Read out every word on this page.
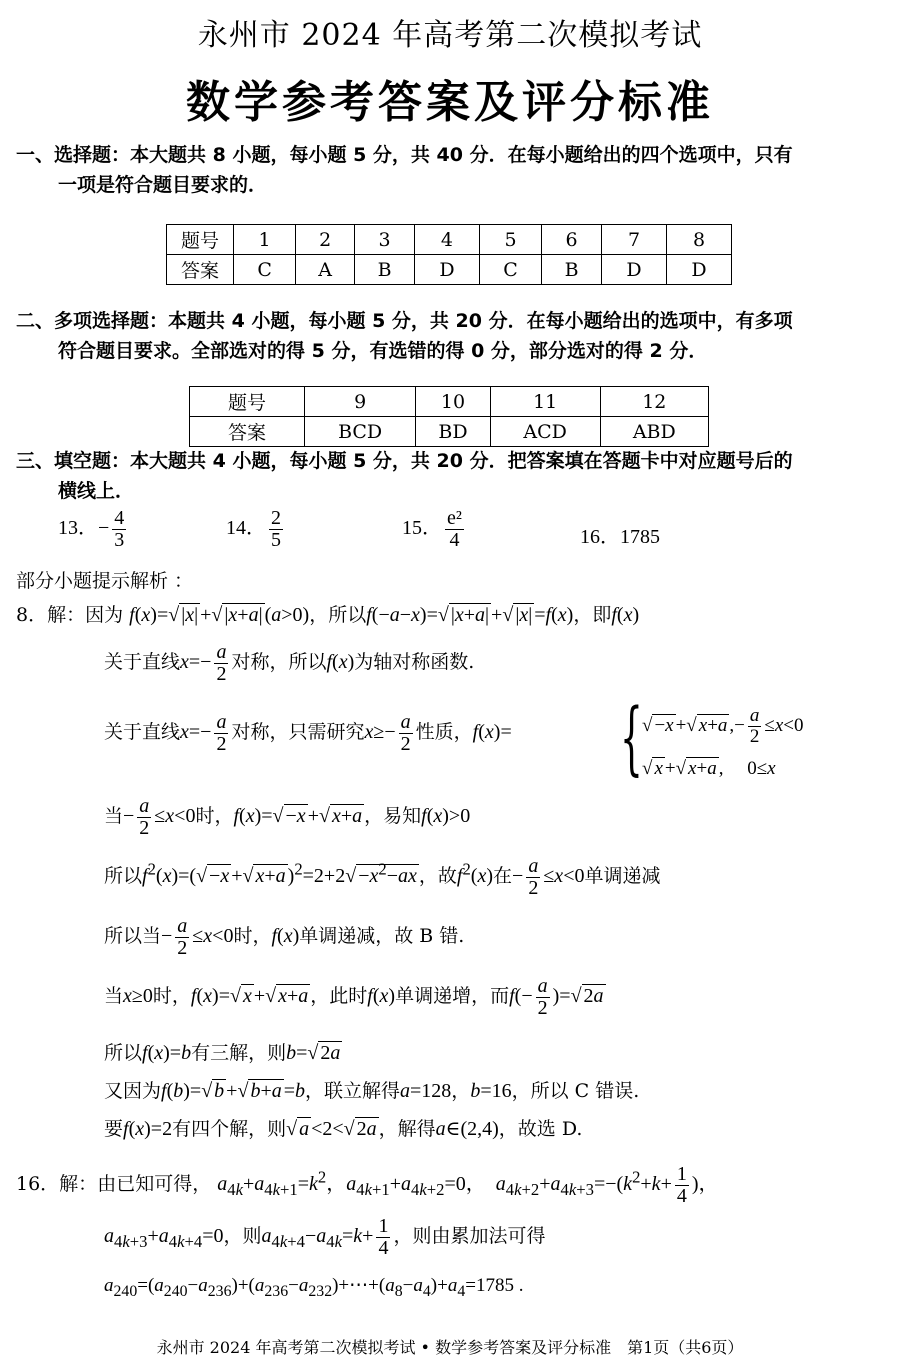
永州市 2024 年高考第二次模拟考试
数学参考答案及评分标准
一、选择题：本大题共 8 小题，每小题 5 分，共 40 分．在每小题给出的四个选项中，只有
一项是符合题目要求的．
题号	1	2	3	4	5	6	7	8
答案	C	A	B	D	C	B	D	D
二、多项选择题：本题共 4 小题，每小题 5 分，共 20 分．在每小题给出的选项中，有多项
符合题目要求。全部选对的得 5 分，有选错的得 0 分，部分选对的得 2 分．
题号	9	10	11	12
答案	BCD	BD	ACD	ABD
三、填空题：本大题共 4 小题，每小题 5 分，共 20 分．把答案填在答题卡中对应题号后的
横线上．
13．− $\frac{4}{3}$	14． $\frac{2}{5}$	15． $\frac{\text{e²}}{4}$	16．1785
部分小题提示解析 ：
8．解：因为 f(x)=√ |x| +√ |x+a| (a>0)，所以f(−a−x)=√ |x+a| +√ |x| =f(x)，即f(x)
关于直线$x=- \frac{a}{2}$ 对称，所以f(x)为轴对称函数.
关于直线$x=- \frac{a}{2}$ 对称，只需研究$x\ge- \frac{a}{2}$ 性质，f(x)= { √ −x +√ x+a ,− $\frac{a}{2} \le x<0$
√ x +√ x+a ,     0≤x
当− $\frac{a}{2} \le x<0$时，f(x)=√ −x +√ x+a ，易知f(x)>0
所以$f^2(x)=(√ -x$ +√ x+a )$^2=2+2√ -x^2-ax$ ，故$f^2(x)$在− $\frac{a}{2} \le x<0$单调递减
所以当− $\frac{a}{2} \le x<0$时，f(x)单调递减，故 B 错.
当x≥0时，f(x)=√ x +√ x+a ，此时f(x)单调递增，而$f(- \frac{a}{2}$ )=√ 2a
所以f(x)=b有三解，则b=√ 2a
又因为f(b)=√ b +√ b+a =b，联立解得a=128，b=16，所以 C 错误.
要f(x)=2有四个解，则√ a <2<√ 2a ，解得a∈(2,4)，故选 D.
16．解：由已知可得， $a_{4k}+a_{4k+1}=k^2$，$a_{4k+1}+a_{4k+2}=0$，  $a_{4k+2}+a_{4k+3}=-(k^2+k+ \frac{1}{4}$ )，
$a_{4k+3}+a_{4k+4}=0$，则$a_{4k+4}-a_{4k}=k+ \frac{1}{4}$ ，则由累加法可得
$a_{240}=(a_{240}-a_{236})+(a_{236}-a_{232})+\cdots+(a_8-a_4)+a_4=1785$ .
永州市 2024 年高考第二次模拟考试 • 数学参考答案及评分标准　第1页（共6页）
